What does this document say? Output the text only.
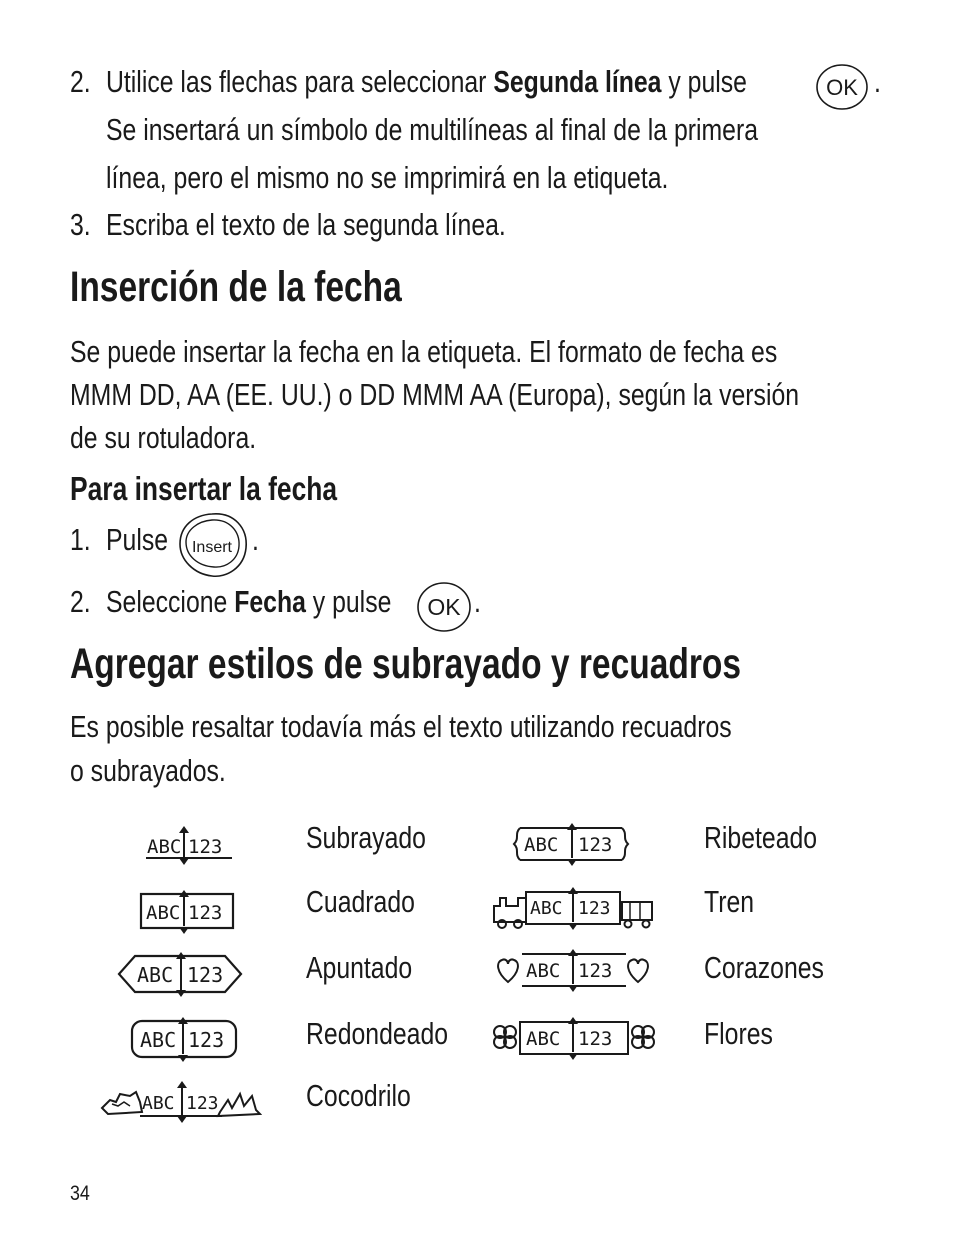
2. Utilice las flechas para seleccionar Segunda línea y pulse	OK .
Se insertará un símbolo de multilíneas al final de la primera
línea, pero el mismo no se imprimirá en la etiqueta.
3. Escriba el texto de la segunda línea.
Inserción de la fecha
Se puede insertar la fecha en la etiqueta. El formato de fecha es
MMM DD, AA (EE. UU.) o DD MMM AA (Europa), según la versión
de su rotuladora.
Para insertar la fecha
1. Pulse Insert .
2. Seleccione Fecha y pulse OK .
Agregar estilos de subrayado y recuadros
Es posible resaltar todavía más el texto utilizando recuadros
o subrayados.
ABC 123
ABC 123
ABC 123
ABC 123
ABC 123
Subrayado
Cuadrado
Apuntado
Redondeado
Cocodrilo
ABC 123
ABC 123
ABC 123
ABC 123
Ribeteado
Tren
Corazones
Flores
34
